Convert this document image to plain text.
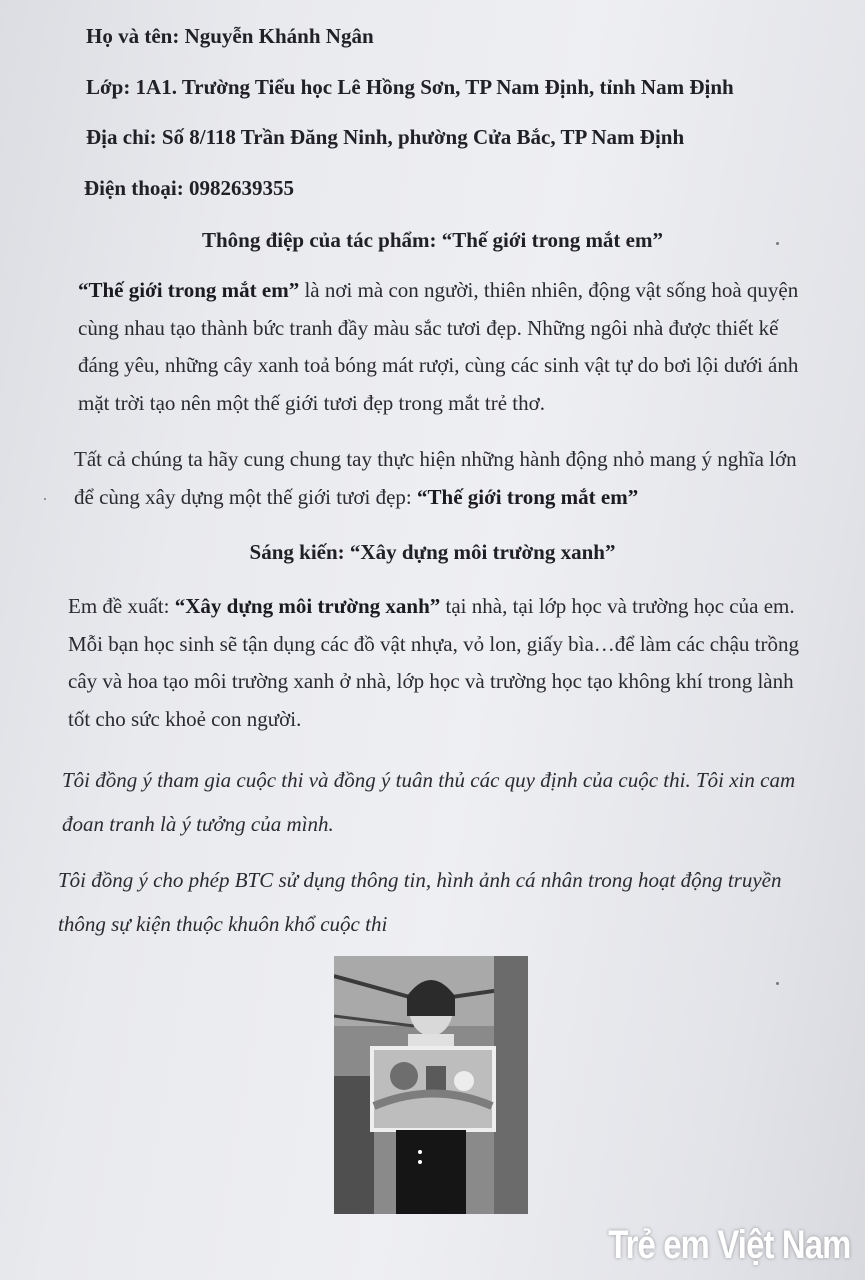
Họ và tên: Nguyễn Khánh Ngân
Lớp: 1A1. Trường Tiểu học Lê Hồng Sơn, TP Nam Định, tỉnh Nam Định
Địa chỉ: Số 8/118 Trần Đăng Ninh, phường Cửa Bắc, TP Nam Định
Điện thoại: 0982639355
Thông điệp của tác phẩm: “Thế giới trong mắt em”
“Thế giới trong mắt em” là nơi mà con người, thiên nhiên, động vật sống hoà quyện cùng nhau tạo thành bức tranh đầy màu sắc tươi đẹp. Những ngôi nhà được thiết kế đáng yêu, những cây xanh toả bóng mát rượi, cùng các sinh vật tự do bơi lội dưới ánh mặt trời tạo nên một thế giới tươi đẹp trong mắt trẻ thơ.
Tất cả chúng ta hãy cung chung tay thực hiện những hành động nhỏ mang ý nghĩa lớn để cùng xây dựng một thế giới tươi đẹp: “Thế giới trong mắt em”
Sáng kiến: “Xây dựng môi trường xanh”
Em đề xuất: “Xây dựng môi trường xanh” tại nhà, tại lớp học và trường học của em. Mỗi bạn học sinh sẽ tận dụng các đồ vật nhựa, vỏ lon, giấy bìa…để làm các chậu trồng cây và hoa tạo môi trường xanh ở nhà, lớp học và trường học tạo không khí trong lành tốt cho sức khoẻ con người.
Tôi đồng ý tham gia cuộc thi và đồng ý tuân thủ các quy định của cuộc thi. Tôi xin cam đoan tranh là ý tưởng của mình.
Tôi đồng ý cho phép BTC sử dụng thông tin, hình ảnh cá nhân trong hoạt động truyền thông sự kiện thuộc khuôn khổ cuộc thi
Trẻ em Việt Nam
